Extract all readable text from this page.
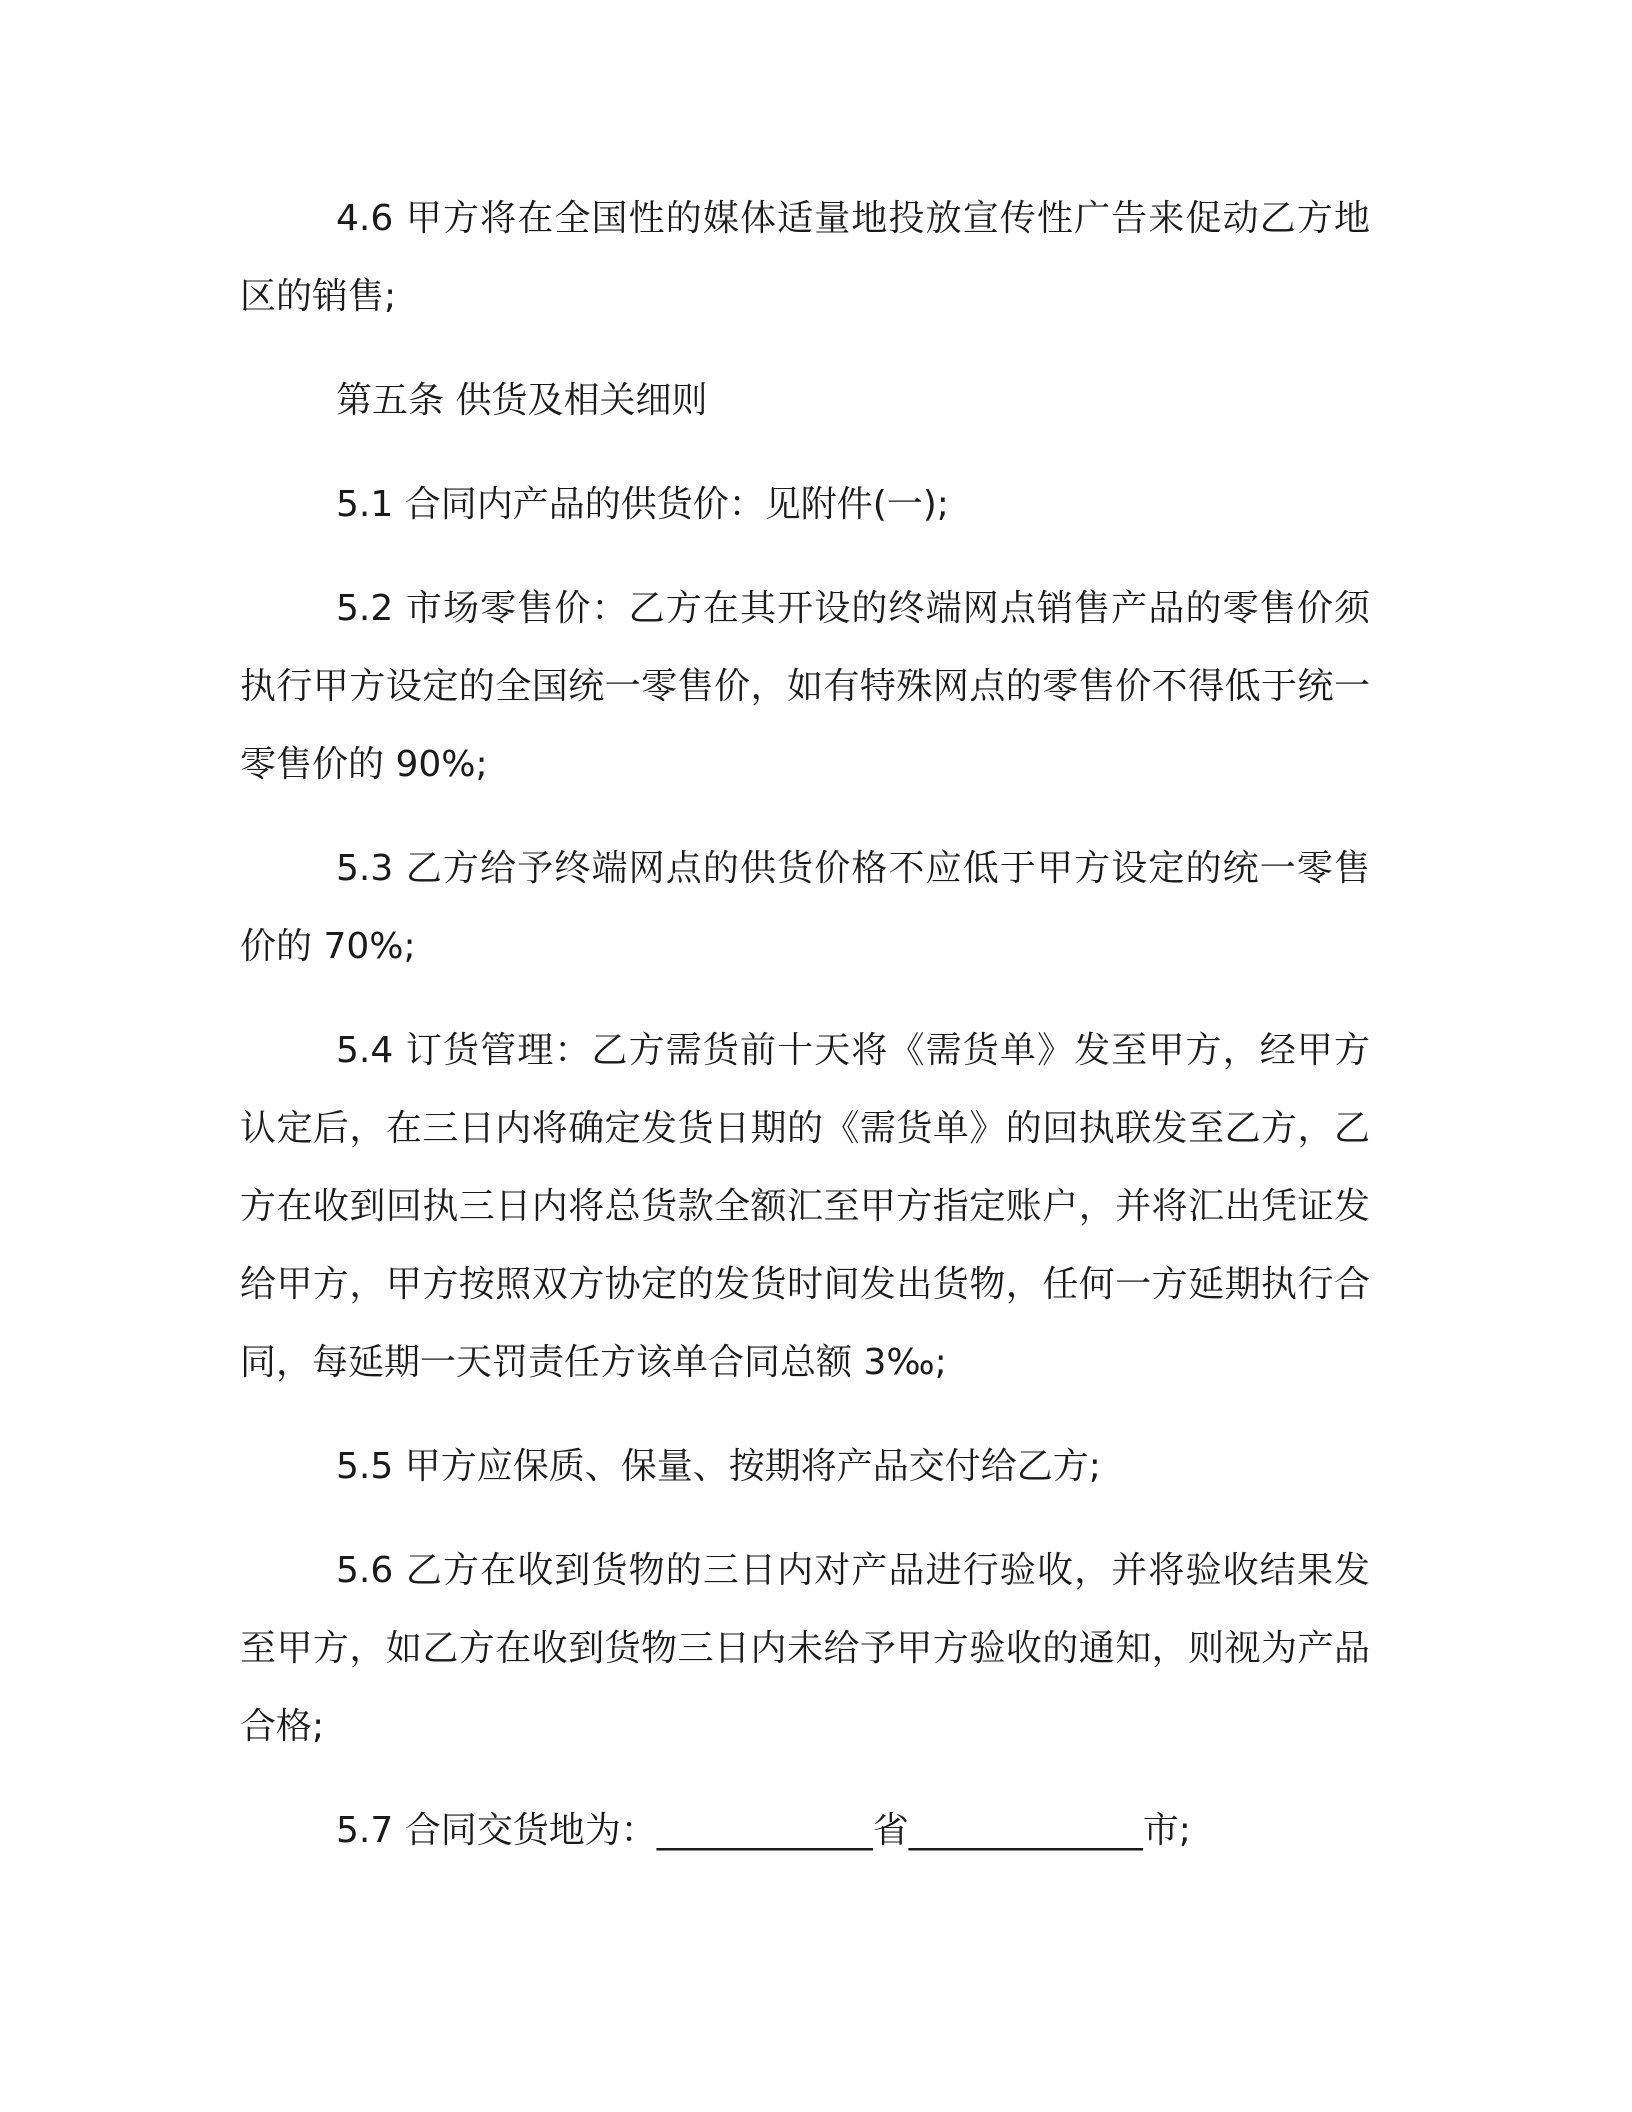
4.6 甲方将在全国性的媒体适量地投放宣传性广告来促动乙方地区的销售;

第五条 供货及相关细则

5.1 合同内产品的供货价：见附件(一);

5.2 市场零售价：乙方在其开设的终端网点销售产品的零售价须执行甲方设定的全国统一零售价，如有特殊网点的零售价不得低于统一零售价的 90%;

5.3 乙方给予终端网点的供货价格不应低于甲方设定的统一零售价的 70%;

5.4 订货管理：乙方需货前十天将《需货单》发至甲方，经甲方认定后，在三日内将确定发货日期的《需货单》的回执联发至乙方，乙方在收到回执三日内将总货款全额汇至甲方指定账户，并将汇出凭证发给甲方，甲方按照双方协定的发货时间发出货物，任何一方延期执行合同，每延期一天罚责任方该单合同总额 3‰;

5.5 甲方应保质、保量、按期将产品交付给乙方;

5.6 乙方在收到货物的三日内对产品进行验收，并将验收结果发至甲方，如乙方在收到货物三日内未给予甲方验收的通知，则视为产品合格;

5.7 合同交货地为：____________省_____________市;
